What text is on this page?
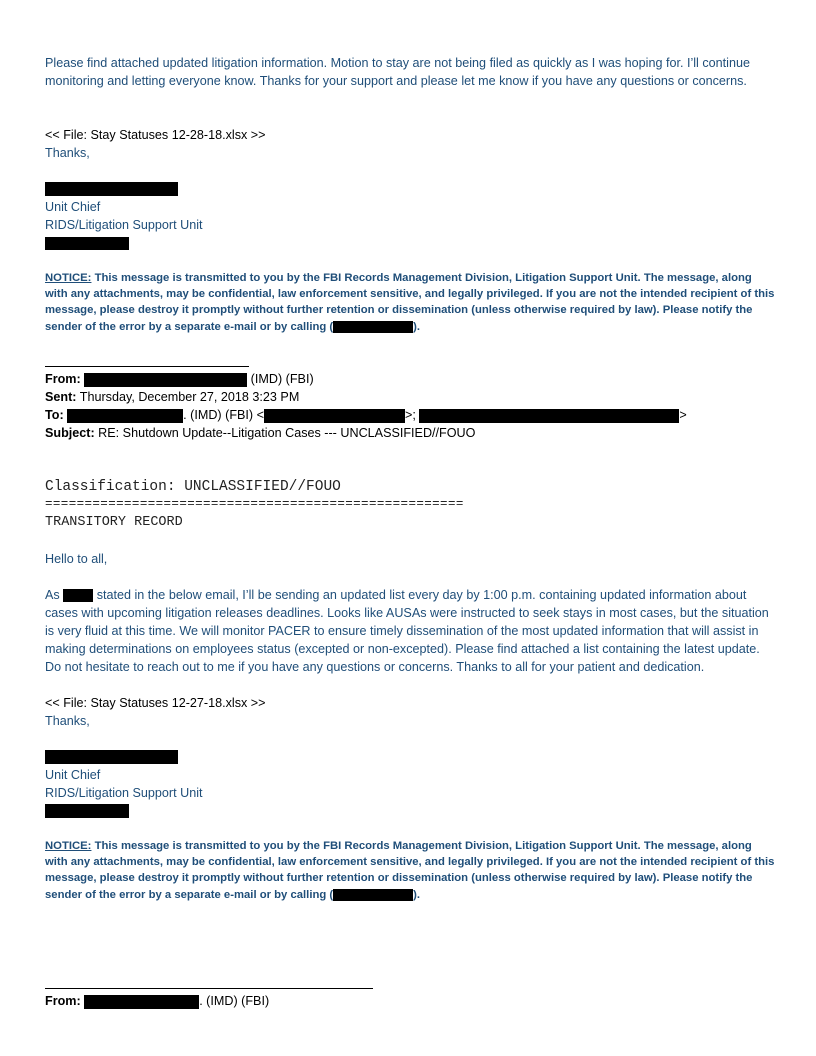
Please find attached updated litigation information. Motion to stay are not being filed as quickly as I was hoping for. I’ll continue monitoring and letting everyone know. Thanks for your support and please let me know if you have any questions or concerns.
<< File: Stay Statuses 12-28-18.xlsx >>
Thanks,
Unit Chief
RIDS/Litigation Support Unit
NOTICE: This message is transmitted to you by the FBI Records Management Division, Litigation Support Unit. The message, along with any attachments, may be confidential, law enforcement sensitive, and legally privileged. If you are not the intended recipient of this message, please destroy it promptly without further retention or dissemination (unless otherwise required by law). Please notify the sender of the error by a separate e-mail or by calling (	).
From:	(IMD) (FBI)
Sent: Thursday, December 27, 2018 3:23 PM
To:	. (IMD) (FBI) <	>;	>
Subject: RE: Shutdown Update--Litigation Cases --- UNCLASSIFIED//FOUO
Classification: UNCLASSIFIED//FOUO
=====================================================
TRANSITORY RECORD
Hello to all,
As  stated in the below email, I’ll be sending an updated list every day by 1:00 p.m. containing updated information about cases with upcoming litigation releases deadlines. Looks like AUSAs were instructed to seek stays in most cases, but the situation is very fluid at this time. We will monitor PACER to ensure timely dissemination of the most updated information that will assist in making determinations on employees status (excepted or non-excepted). Please find attached a list containing the latest update. Do not hesitate to reach out to me if you have any questions or concerns. Thanks to all for your patient and dedication.
<< File: Stay Statuses 12-27-18.xlsx >>
Thanks,
Unit Chief
RIDS/Litigation Support Unit
NOTICE: This message is transmitted to you by the FBI Records Management Division, Litigation Support Unit. The message, along with any attachments, may be confidential, law enforcement sensitive, and legally privileged. If you are not the intended recipient of this message, please destroy it promptly without further retention or dissemination (unless otherwise required by law). Please notify the sender of the error by a separate e-mail or by calling (	).
From:	. (IMD) (FBI)
